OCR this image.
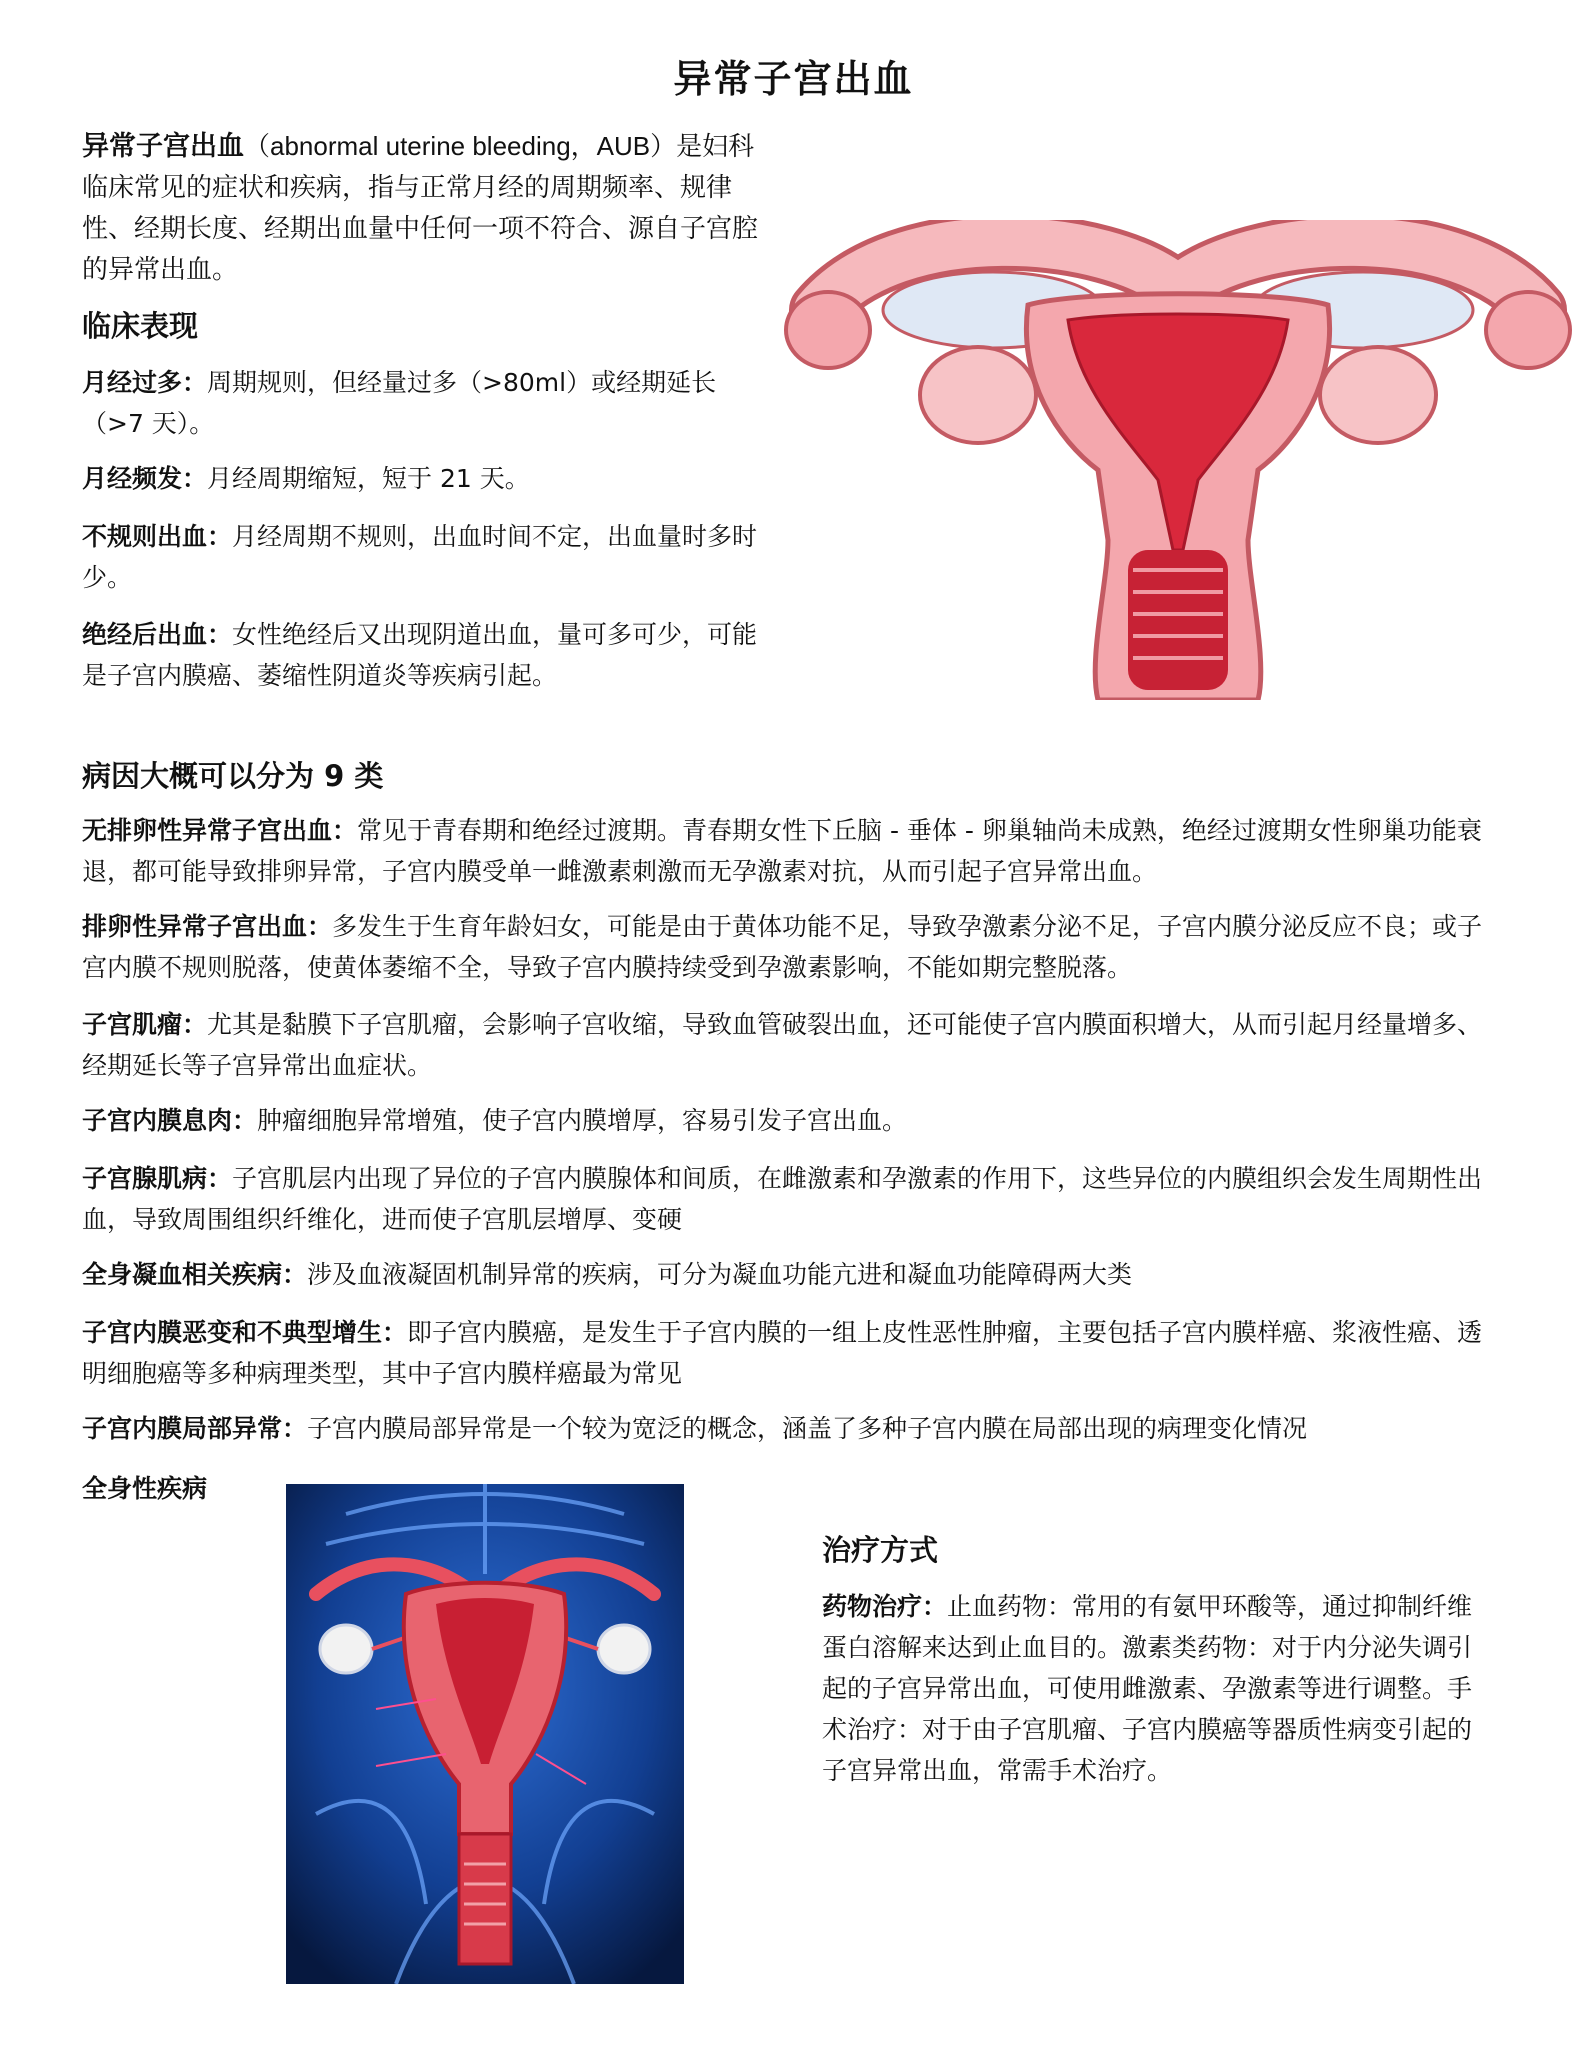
异常子宫出血
异常子宫出血（abnormal uterine bleeding，AUB）是妇科临床常见的症状和疾病，指与正常月经的周期频率、规律性、经期长度、经期出血量中任何一项不符合、源自子宫腔的异常出血。
临床表现
月经过多：周期规则，但经量过多（>80ml）或经期延长（>7 天）。
月经频发：月经周期缩短，短于 21 天。
不规则出血：月经周期不规则，出血时间不定，出血量时多时少。
绝经后出血：女性绝经后又出现阴道出血，量可多可少，可能是子宫内膜癌、萎缩性阴道炎等疾病引起。
病因大概可以分为 9 类
无排卵性异常子宫出血：常见于青春期和绝经过渡期。青春期女性下丘脑 - 垂体 - 卵巢轴尚未成熟，绝经过渡期女性卵巢功能衰退，都可能导致排卵异常，子宫内膜受单一雌激素刺激而无孕激素对抗，从而引起子宫异常出血。
排卵性异常子宫出血：多发生于生育年龄妇女，可能是由于黄体功能不足，导致孕激素分泌不足，子宫内膜分泌反应不良；或子宫内膜不规则脱落，使黄体萎缩不全，导致子宫内膜持续受到孕激素影响，不能如期完整脱落。
子宫肌瘤：尤其是黏膜下子宫肌瘤，会影响子宫收缩，导致血管破裂出血，还可能使子宫内膜面积增大，从而引起月经量增多、经期延长等子宫异常出血症状。
子宫内膜息肉：肿瘤细胞异常增殖，使子宫内膜增厚，容易引发子宫出血。
子宫腺肌病：子宫肌层内出现了异位的子宫内膜腺体和间质，在雌激素和孕激素的作用下，这些异位的内膜组织会发生周期性出血，导致周围组织纤维化，进而使子宫肌层增厚、变硬
全身凝血相关疾病：涉及血液凝固机制异常的疾病，可分为凝血功能亢进和凝血功能障碍两大类
子宫内膜恶变和不典型增生：即子宫内膜癌，是发生于子宫内膜的一组上皮性恶性肿瘤，主要包括子宫内膜样癌、浆液性癌、透明细胞癌等多种病理类型，其中子宫内膜样癌最为常见
子宫内膜局部异常：子宫内膜局部异常是一个较为宽泛的概念，涵盖了多种子宫内膜在局部出现的病理变化情况
全身性疾病
治疗方式
药物治疗：止血药物：常用的有氨甲环酸等，通过抑制纤维蛋白溶解来达到止血目的。激素类药物：对于内分泌失调引起的子宫异常出血，可使用雌激素、孕激素等进行调整。手术治疗：对于由子宫肌瘤、子宫内膜癌等器质性病变引起的子宫异常出血，常需手术治疗。
